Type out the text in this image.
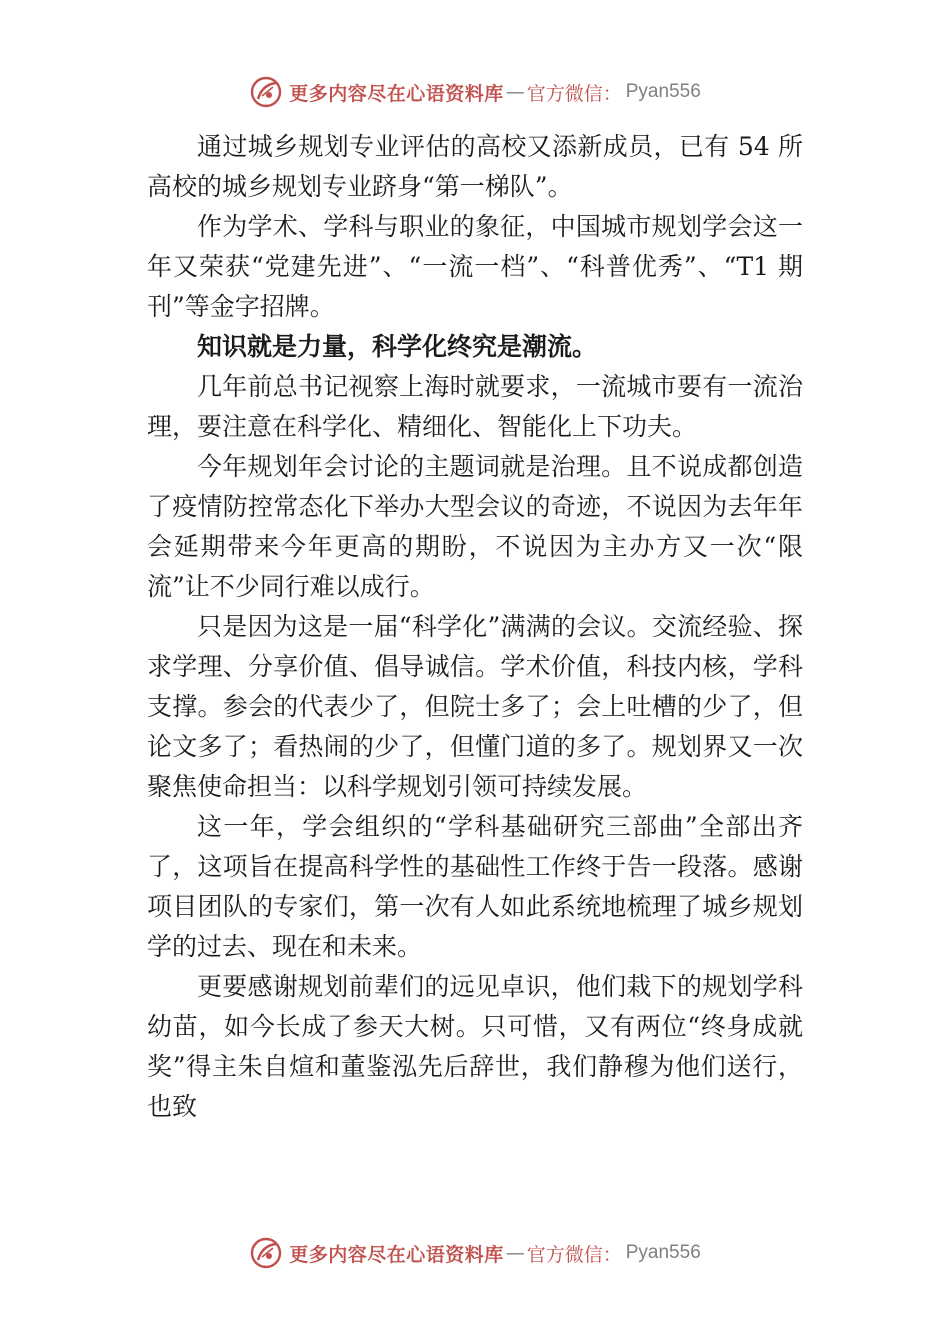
更多内容尽在心语资料库 — 官方微信： Pyan556

通过城乡规划专业评估的高校又添新成员，已有 54 所高校的城乡规划专业跻身“第一梯队”。

作为学术、学科与职业的象征，中国城市规划学会这一年又荣获“党建先进”、“一流一档”、“科普优秀”、“T1 期刊”等金字招牌。

知识就是力量，科学化终究是潮流。

几年前总书记视察上海时就要求，一流城市要有一流治理，要注意在科学化、精细化、智能化上下功夫。

今年规划年会讨论的主题词就是治理。且不说成都创造了疫情防控常态化下举办大型会议的奇迹，不说因为去年年会延期带来今年更高的期盼，不说因为主办方又一次“限流”让不少同行难以成行。

只是因为这是一届“科学化”满满的会议。交流经验、探求学理、分享价值、倡导诚信。学术价值，科技内核，学科支撑。参会的代表少了，但院士多了；会上吐槽的少了，但论文多了；看热闹的少了，但懂门道的多了。规划界又一次聚焦使命担当：以科学规划引领可持续发展。

这一年，学会组织的“学科基础研究三部曲”全部出齐了，这项旨在提高科学性的基础性工作终于告一段落。感谢项目团队的专家们，第一次有人如此系统地梳理了城乡规划学的过去、现在和未来。

更要感谢规划前辈们的远见卓识，他们栽下的规划学科幼苗，如今长成了参天大树。只可惜，又有两位“终身成就奖”得主朱自煊和董鉴泓先后辞世，我们静穆为他们送行，也致

更多内容尽在心语资料库 — 官方微信： Pyan556
